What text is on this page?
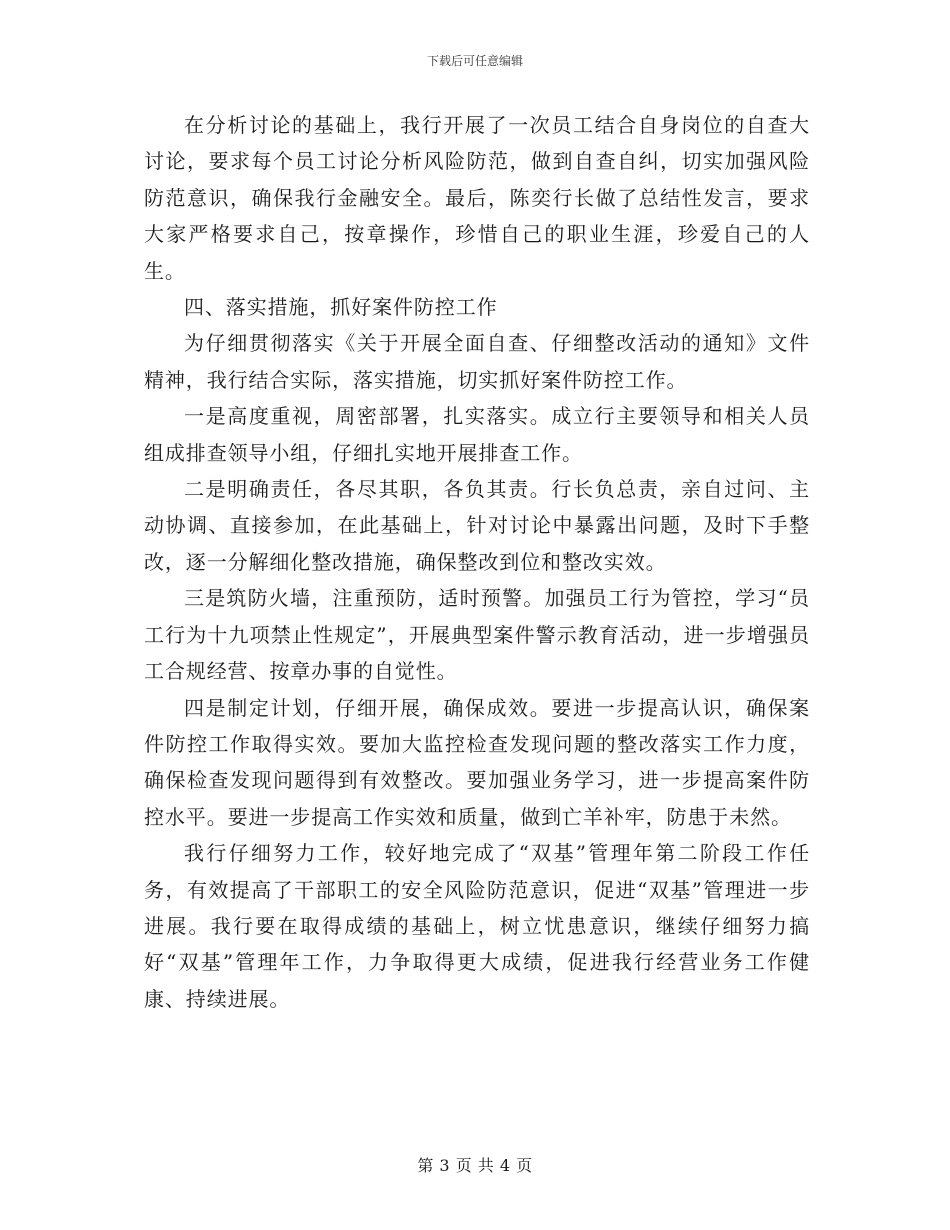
下载后可任意编辑

在分析讨论的基础上，我行开展了一次员工结合自身岗位的自查大讨论，要求每个员工讨论分析风险防范，做到自查自纠，切实加强风险防范意识，确保我行金融安全。最后，陈奕行长做了总结性发言，要求大家严格要求自己，按章操作，珍惜自己的职业生涯，珍爱自己的人生。

四、落实措施，抓好案件防控工作

为仔细贯彻落实《关于开展全面自查、仔细整改活动的通知》文件精神，我行结合实际，落实措施，切实抓好案件防控工作。

一是高度重视，周密部署，扎实落实。成立行主要领导和相关人员组成排查领导小组，仔细扎实地开展排查工作。

二是明确责任，各尽其职，各负其责。行长负总责，亲自过问、主动协调、直接参加，在此基础上，针对讨论中暴露出问题，及时下手整改，逐一分解细化整改措施，确保整改到位和整改实效。

三是筑防火墙，注重预防，适时预警。加强员工行为管控，学习“员工行为十九项禁止性规定”，开展典型案件警示教育活动，进一步增强员工合规经营、按章办事的自觉性。

四是制定计划，仔细开展，确保成效。要进一步提高认识，确保案件防控工作取得实效。要加大监控检查发现问题的整改落实工作力度，确保检查发现问题得到有效整改。要加强业务学习，进一步提高案件防控水平。要进一步提高工作实效和质量，做到亡羊补牢，防患于未然。

我行仔细努力工作，较好地完成了“双基”管理年第二阶段工作任务，有效提高了干部职工的安全风险防范意识，促进“双基”管理进一步进展。我行要在取得成绩的基础上，树立忧患意识，继续仔细努力搞好“双基”管理年工作，力争取得更大成绩，促进我行经营业务工作健康、持续进展。

第 3 页 共 4 页
